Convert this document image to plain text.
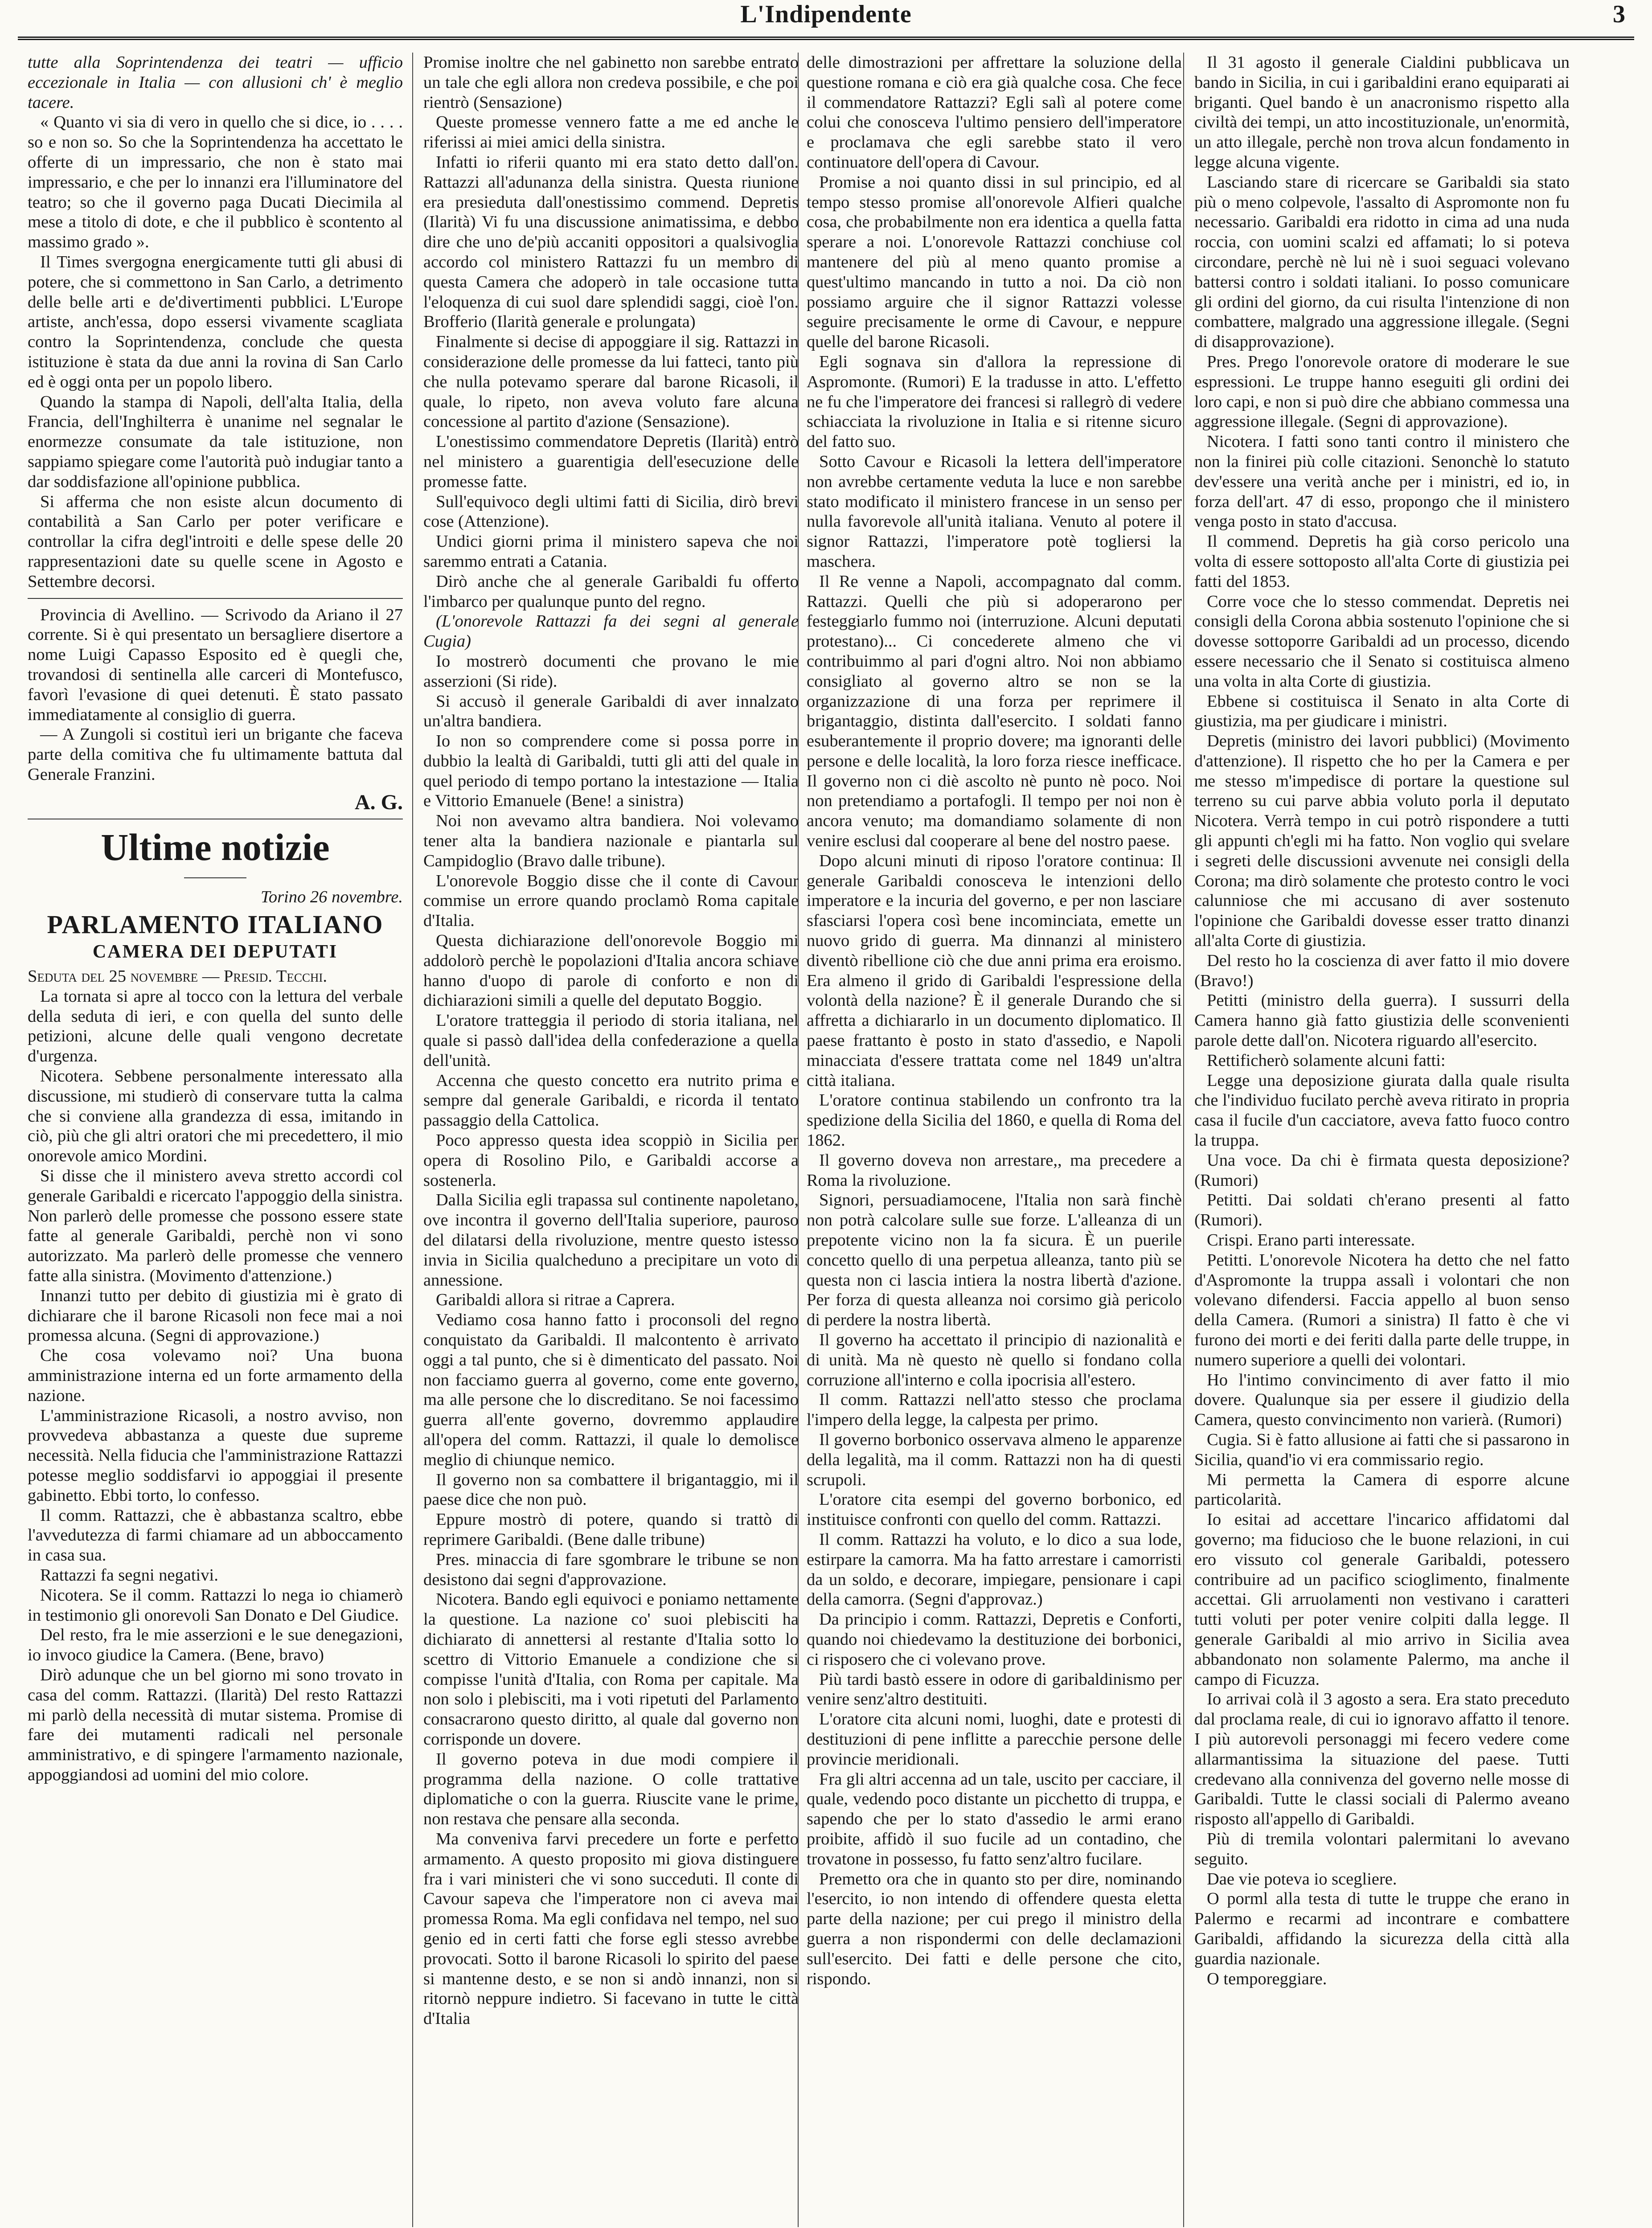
L'Indipendente	3

tutte alla Soprintendenza dei teatri — ufficio eccezionale in Italia — con allusioni ch' è meglio tacere.

« Quanto vi sia di vero in quello che si dice, io . . . . so e non so. So che la Soprintendenza ha accettato le offerte di un impressario, che non è stato mai impressario, e che per lo innanzi era l'illuminatore del teatro; so che il governo paga Ducati Diecimila al mese a titolo di dote, e che il pubblico è scontento al massimo grado ».

Il Times svergogna energicamente tutti gli abusi di potere, che si commettono in San Carlo, a detrimento delle belle arti e de'divertimenti pubblici. L'Europe artiste, anch'essa, dopo essersi vivamente scagliata contro la Soprintendenza, conclude che questa istituzione è stata da due anni la rovina di San Carlo ed è oggi onta per un popolo libero.

Quando la stampa di Napoli, dell'alta Italia, della Francia, dell'Inghilterra è unanime nel segnalar le enormezze consumate da tale istituzione, non sappiamo spiegare come l'autorità può indugiar tanto a dar soddisfazione all'opinione pubblica.

Si afferma che non esiste alcun documento di contabilità a San Carlo per poter verificare e controllar la cifra degl'introiti e delle spese delle 20 rappresentazioni date su quelle scene in Agosto e Settembre decorsi.

Provincia di Avellino. — Scrivodo da Ariano il 27 corrente. Si è qui presentato un bersagliere disertore a nome Luigi Capasso Esposito ed è quegli che, trovandosi di sentinella alle carceri di Montefusco, favorì l'evasione di quei detenuti. È stato passato immediatamente al consiglio di guerra.

— A Zungoli si costituì ieri un brigante che faceva parte della comitiva che fu ultimamente battuta dal Generale Franzini.

A. G.
Ultime notizie
Torino 26 novembre.
PARLAMENTO ITALIANO
CAMERA DEI DEPUTATI

Seduta del 25 novembre — Presid. Tecchi.

La tornata si apre al tocco con la lettura del verbale della seduta di ieri, e con quella del sunto delle petizioni, alcune delle quali vengono decretate d'urgenza.

Nicotera. Sebbene personalmente interessato alla discussione, mi studierò di conservare tutta la calma che si conviene alla grandezza di essa, imitando in ciò, più che gli altri oratori che mi precedettero, il mio onorevole amico Mordini.

Si disse che il ministero aveva stretto accordi col generale Garibaldi e ricercato l'appoggio della sinistra. Non parlerò delle promesse che possono essere state fatte al generale Garibaldi, perchè non vi sono autorizzato. Ma parlerò delle promesse che vennero fatte alla sinistra. (Movimento d'attenzione.)

Innanzi tutto per debito di giustizia mi è grato di dichiarare che il barone Ricasoli non fece mai a noi promessa alcuna. (Segni di approvazione.)

Che cosa volevamo noi? Una buona amministrazione interna ed un forte armamento della nazione.

L'amministrazione Ricasoli, a nostro avviso, non provvedeva abbastanza a queste due supreme necessità. Nella fiducia che l'amministrazione Rattazzi potesse meglio soddisfarvi io appoggiai il presente gabinetto. Ebbi torto, lo confesso.

Il comm. Rattazzi, che è abbastanza scaltro, ebbe l'avvedutezza di farmi chiamare ad un abboccamento in casa sua.

Rattazzi fa segni negativi.

Nicotera. Se il comm. Rattazzi lo nega io chiamerò in testimonio gli onorevoli San Donato e Del Giudice.

Del resto, fra le mie asserzioni e le sue denegazioni, io invoco giudice la Camera. (Bene, bravo)

Dirò adunque che un bel giorno mi sono trovato in casa del comm. Rattazzi. (Ilarità) Del resto Rattazzi mi parlò della necessità di mutar sistema. Promise di fare dei mutamenti radicali nel personale amministrativo, e di spingere l'armamento nazionale, appoggiandosi ad uomini del mio colore.

Promise inoltre che nel gabinetto non sarebbe entrato un tale che egli allora non credeva possibile, e che poi rientrò (Sensazione)

Queste promesse vennero fatte a me ed anche le riferissi ai miei amici della sinistra.

Infatti io riferii quanto mi era stato detto dall'on. Rattazzi all'adunanza della sinistra. Questa riunione era presieduta dall'onestissimo commend. Depretis (Ilarità) Vi fu una discussione animatissima, e debbo dire che uno de'più accaniti oppositori a qualsivoglia accordo col ministero Rattazzi fu un membro di questa Camera che adoperò in tale occasione tutta l'eloquenza di cui suol dare splendidi saggi, cioè l'on. Brofferio (Ilarità generale e prolungata)

Finalmente si decise di appoggiare il sig. Rattazzi in considerazione delle promesse da lui fatteci, tanto più che nulla potevamo sperare dal barone Ricasoli, il quale, lo ripeto, non aveva voluto fare alcuna concessione al partito d'azione (Sensazione).

L'onestissimo commendatore Depretis (Ilarità) entrò nel ministero a guarentigia dell'esecuzione delle promesse fatte.

Sull'equivoco degli ultimi fatti di Sicilia, dirò brevi cose (Attenzione).

Undici giorni prima il ministero sapeva che noi saremmo entrati a Catania.

Dirò anche che al generale Garibaldi fu offerto l'imbarco per qualunque punto del regno.

(L'onorevole Rattazzi fa dei segni al generale Cugia)

Io mostrerò documenti che provano le mie asserzioni (Si ride).

Si accusò il generale Garibaldi di aver innalzato un'altra bandiera.

Io non so comprendere come si possa porre in dubbio la lealtà di Garibaldi, tutti gli atti del quale in quel periodo di tempo portano la intestazione — Italia e Vittorio Emanuele (Bene! a sinistra)

Noi non avevamo altra bandiera. Noi volevamo tener alta la bandiera nazionale e piantarla sul Campidoglio (Bravo dalle tribune).

L'onorevole Boggio disse che il conte di Cavour commise un errore quando proclamò Roma capitale d'Italia.

Questa dichiarazione dell'onorevole Boggio mi addolorò perchè le popolazioni d'Italia ancora schiave hanno d'uopo di parole di conforto e non di dichiarazioni simili a quelle del deputato Boggio.

L'oratore tratteggia il periodo di storia italiana, nel quale si passò dall'idea della confederazione a quella dell'unità.

Accenna che questo concetto era nutrito prima e sempre dal generale Garibaldi, e ricorda il tentato passaggio della Cattolica.

Poco appresso questa idea scoppiò in Sicilia per opera di Rosolino Pilo, e Garibaldi accorse a sostenerla.

Dalla Sicilia egli trapassa sul continente napoletano, ove incontra il governo dell'Italia superiore, pauroso del dilatarsi della rivoluzione, mentre questo istesso invia in Sicilia qualcheduno a precipitare un voto di annessione.

Garibaldi allora si ritrae a Caprera.

Vediamo cosa hanno fatto i proconsoli del regno conquistato da Garibaldi. Il malcontento è arrivato oggi a tal punto, che si è dimenticato del passato. Noi non facciamo guerra al governo, come ente governo, ma alle persone che lo discreditano. Se noi facessimo guerra all'ente governo, dovremmo applaudire all'opera del comm. Rattazzi, il quale lo demolisce meglio di chiunque nemico.

Il governo non sa combattere il brigantaggio, mi il paese dice che non può.

Eppure mostrò di potere, quando si trattò di reprimere Garibaldi. (Bene dalle tribune)

Pres. minaccia di fare sgombrare le tribune se non desistono dai segni d'approvazione.

Nicotera. Bando egli equivoci e poniamo nettamente la questione. La nazione co' suoi plebisciti ha dichiarato di annettersi al restante d'Italia sotto lo scettro di Vittorio Emanuele a condizione che si compisse l'unità d'Italia, con Roma per capitale. Ma non solo i plebisciti, ma i voti ripetuti del Parlamento consacrarono questo diritto, al quale dal governo non corrisponde un dovere.

Il governo poteva in due modi compiere il programma della nazione. O colle trattative diplomatiche o con la guerra. Riuscite vane le prime, non restava che pensare alla seconda.

Ma conveniva farvi precedere un forte e perfetto armamento. A questo proposito mi giova distinguere fra i vari ministeri che vi sono succeduti. Il conte di Cavour sapeva che l'imperatore non ci aveva mai promessa Roma. Ma egli confidava nel tempo, nel suo genio ed in certi fatti che forse egli stesso avrebbe provocati. Sotto il barone Ricasoli lo spirito del paese si mantenne desto, e se non si andò innanzi, non si ritornò neppure indietro. Si facevano in tutte le città d'Italia

delle dimostrazioni per affrettare la soluzione della questione romana e ciò era già qualche cosa. Che fece il commendatore Rattazzi? Egli salì al potere come colui che conosceva l'ultimo pensiero dell'imperatore e proclamava che egli sarebbe stato il vero continuatore dell'opera di Cavour.

Promise a noi quanto dissi in sul principio, ed al tempo stesso promise all'onorevole Alfieri qualche cosa, che probabilmente non era identica a quella fatta sperare a noi. L'onorevole Rattazzi conchiuse col mantenere del più al meno quanto promise a quest'ultimo mancando in tutto a noi. Da ciò non possiamo arguire che il signor Rattazzi volesse seguire precisamente le orme di Cavour, e neppure quelle del barone Ricasoli.

Egli sognava sin d'allora la repressione di Aspromonte. (Rumori) E la tradusse in atto. L'effetto ne fu che l'imperatore dei francesi si rallegrò di vedere schiacciata la rivoluzione in Italia e si ritenne sicuro del fatto suo.

Sotto Cavour e Ricasoli la lettera dell'imperatore non avrebbe certamente veduta la luce e non sarebbe stato modificato il ministero francese in un senso per nulla favorevole all'unità italiana. Venuto al potere il signor Rattazzi, l'imperatore potè togliersi la maschera.

Il Re venne a Napoli, accompagnato dal comm. Rattazzi. Quelli che più si adoperarono per festeggiarlo fummo noi (interruzione. Alcuni deputati protestano)... Ci concederete almeno che vi contribuimmo al pari d'ogni altro. Noi non abbiamo consigliato al governo altro se non se la organizzazione di una forza per reprimere il brigantaggio, distinta dall'esercito. I soldati fanno esuberantemente il proprio dovere; ma ignoranti delle persone e delle località, la loro forza riesce inefficace. Il governo non ci diè ascolto nè punto nè poco. Noi non pretendiamo a portafogli. Il tempo per noi non è ancora venuto; ma domandiamo solamente di non venire esclusi dal cooperare al bene del nostro paese.

Dopo alcuni minuti di riposo l'oratore continua: Il generale Garibaldi conosceva le intenzioni dello imperatore e la incuria del governo, e per non lasciare sfasciarsi l'opera così bene incominciata, emette un nuovo grido di guerra. Ma dinnanzi al ministero diventò ribellione ciò che due anni prima era eroismo. Era almeno il grido di Garibaldi l'espressione della volontà della nazione? È il generale Durando che si affretta a dichiararlo in un documento diplomatico. Il paese frattanto è posto in stato d'assedio, e Napoli minacciata d'essere trattata come nel 1849 un'altra città italiana.

L'oratore continua stabilendo un confronto tra la spedizione della Sicilia del 1860, e quella di Roma del 1862.

Il governo doveva non arrestare,, ma precedere a Roma la rivoluzione.

Signori, persuadiamocene, l'Italia non sarà finchè non potrà calcolare sulle sue forze. L'alleanza di un prepotente vicino non la fa sicura. È un puerile concetto quello di una perpetua alleanza, tanto più se questa non ci lascia intiera la nostra libertà d'azione. Per forza di questa alleanza noi corsimo già pericolo di perdere la nostra libertà.

Il governo ha accettato il principio di nazionalità e di unità. Ma nè questo nè quello si fondano colla corruzione all'interno e colla ipocrisia all'estero.

Il comm. Rattazzi nell'atto stesso che proclama l'impero della legge, la calpesta per primo.

Il governo borbonico osservava almeno le apparenze della legalità, ma il comm. Rattazzi non ha di questi scrupoli.

L'oratore cita esempi del governo borbonico, ed instituisce confronti con quello del comm. Rattazzi.

Il comm. Rattazzi ha voluto, e lo dico a sua lode, estirpare la camorra. Ma ha fatto arrestare i camorristi da un soldo, e decorare, impiegare, pensionare i capi della camorra. (Segni d'approvaz.)

Da principio i comm. Rattazzi, Depretis e Conforti, quando noi chiedevamo la destituzione dei borbonici, ci risposero che ci volevano prove.

Più tardi bastò essere in odore di garibaldinismo per venire senz'altro destituiti.

L'oratore cita alcuni nomi, luoghi, date e protesti di destituzioni di pene inflitte a parecchie persone delle provincie meridionali.

Fra gli altri accenna ad un tale, uscito per cacciare, il quale, vedendo poco distante un picchetto di truppa, e sapendo che per lo stato d'assedio le armi erano proibite, affidò il suo fucile ad un contadino, che trovatone in possesso, fu fatto senz'altro fucilare.

Premetto ora che in quanto sto per dire, nominando l'esercito, io non intendo di offendere questa eletta parte della nazione; per cui prego il ministro della guerra a non rispondermi con delle declamazioni sull'esercito. Dei fatti e delle persone che cito, rispondo.

Il 31 agosto il generale Cialdini pubblicava un bando in Sicilia, in cui i garibaldini erano equiparati ai briganti. Quel bando è un anacronismo rispetto alla civiltà dei tempi, un atto incostituzionale, un'enormità, un atto illegale, perchè non trova alcun fondamento in legge alcuna vigente.

Lasciando stare di ricercare se Garibaldi sia stato più o meno colpevole, l'assalto di Aspromonte non fu necessario. Garibaldi era ridotto in cima ad una nuda roccia, con uomini scalzi ed affamati; lo si poteva circondare, perchè nè lui nè i suoi seguaci volevano battersi contro i soldati italiani. Io posso comunicare gli ordini del giorno, da cui risulta l'intenzione di non combattere, malgrado una aggressione illegale. (Segni di disapprovazione).

Pres. Prego l'onorevole oratore di moderare le sue espressioni. Le truppe hanno eseguiti gli ordini dei loro capi, e non si può dire che abbiano commessa una aggressione illegale. (Segni di approvazione).

Nicotera. I fatti sono tanti contro il ministero che non la finirei più colle citazioni. Senonchè lo statuto dev'essere una verità anche per i ministri, ed io, in forza dell'art. 47 di esso, propongo che il ministero venga posto in stato d'accusa.

Il commend. Depretis ha già corso pericolo una volta di essere sottoposto all'alta Corte di giustizia pei fatti del 1853.

Corre voce che lo stesso commendat. Depretis nei consigli della Corona abbia sostenuto l'opinione che si dovesse sottoporre Garibaldi ad un processo, dicendo essere necessario che il Senato si costituisca almeno una volta in alta Corte di giustizia.

Ebbene si costituisca il Senato in alta Corte di giustizia, ma per giudicare i ministri.

Depretis (ministro dei lavori pubblici) (Movimento d'attenzione). Il rispetto che ho per la Camera e per me stesso m'impedisce di portare la questione sul terreno su cui parve abbia voluto porla il deputato Nicotera. Verrà tempo in cui potrò rispondere a tutti gli appunti ch'egli mi ha fatto. Non voglio qui svelare i segreti delle discussioni avvenute nei consigli della Corona; ma dirò solamente che protesto contro le voci calunniose che mi accusano di aver sostenuto l'opinione che Garibaldi dovesse esser tratto dinanzi all'alta Corte di giustizia.

Del resto ho la coscienza di aver fatto il mio dovere (Bravo!)

Petitti (ministro della guerra). I sussurri della Camera hanno già fatto giustizia delle sconvenienti parole dette dall'on. Nicotera riguardo all'esercito.

Rettificherò solamente alcuni fatti:

Legge una deposizione giurata dalla quale risulta che l'individuo fucilato perchè aveva ritirato in propria casa il fucile d'un cacciatore, aveva fatto fuoco contro la truppa.

Una voce. Da chi è firmata questa deposizione? (Rumori)

Petitti. Dai soldati ch'erano presenti al fatto (Rumori).

Crispi. Erano parti interessate.

Petitti. L'onorevole Nicotera ha detto che nel fatto d'Aspromonte la truppa assalì i volontari che non volevano difendersi. Faccia appello al buon senso della Camera. (Rumori a sinistra) Il fatto è che vi furono dei morti e dei feriti dalla parte delle truppe, in numero superiore a quelli dei volontari.

Ho l'intimo convincimento di aver fatto il mio dovere. Qualunque sia per essere il giudizio della Camera, questo convincimento non varierà. (Rumori)

Cugia. Si è fatto allusione ai fatti che si passarono in Sicilia, quand'io vi era commissario regio.

Mi permetta la Camera di esporre alcune particolarità.

Io esitai ad accettare l'incarico affidatomi dal governo; ma fiducioso che le buone relazioni, in cui ero vissuto col generale Garibaldi, potessero contribuire ad un pacifico scioglimento, finalmente accettai. Gli arruolamenti non vestivano i caratteri tutti voluti per poter venire colpiti dalla legge. Il generale Garibaldi al mio arrivo in Sicilia avea abbandonato non solamente Palermo, ma anche il campo di Ficuzza.

Io arrivai colà il 3 agosto a sera. Era stato preceduto dal proclama reale, di cui io ignoravo affatto il tenore. I più autorevoli personaggi mi fecero vedere come allarmantissima la situazione del paese. Tutti credevano alla connivenza del governo nelle mosse di Garibaldi. Tutte le classi sociali di Palermo aveano risposto all'appello di Garibaldi.

Più di tremila volontari palermitani lo avevano seguito.

Dae vie poteva io scegliere.

O porml alla testa di tutte le truppe che erano in Palermo e recarmi ad incontrare e combattere Garibaldi, affidando la sicurezza della città alla guardia nazionale.

O temporeggiare.
